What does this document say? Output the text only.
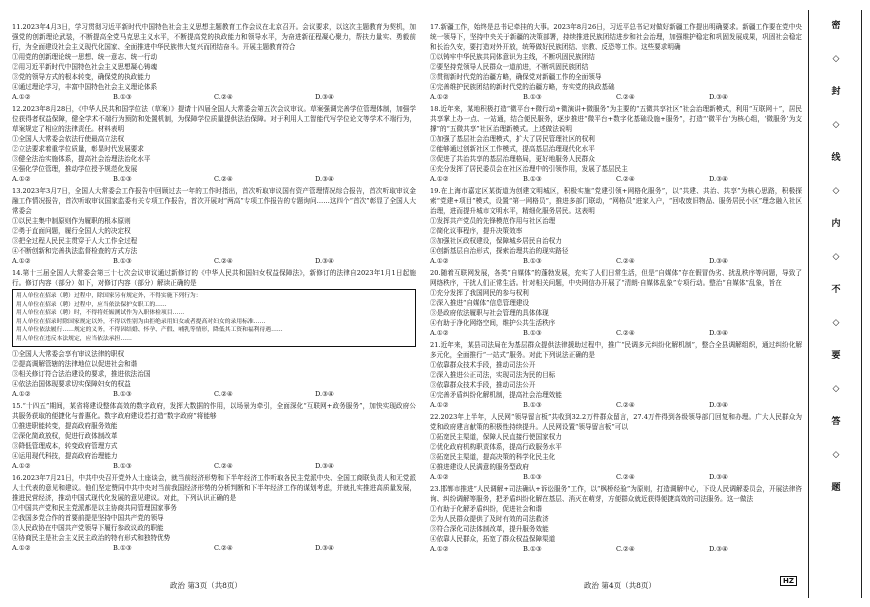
11.2023年4月3日，学习贯彻习近平新时代中国特色社会主义思想主题教育工作会议在北京召开。会议要求，以这次主题教育为契机，加强党的创新理论武装，不断提高全党马克思主义水平，不断提高党的执政能力和领导水平，为奋进新征程凝心聚力，帮扶力量实、勇毅前行，为全面建设社会主义现代化国家、全面推进中华民族伟大复兴而团结奋斗。开展主题教育符合

①用党的创新理论统一思想、统一意志、统一行动
②用习近平新时代中国特色社会主义思想凝心铸魂
③党的领导方式的根本转变，确保党的执政能力
④通过理论学习，丰富中国特色社会主义理论体系
A.①②	B.①③	C.②④	D.③④

12.2023年8月28日，《中华人民共和国学位法（草案）》提请十四届全国人大常委会第五次会议审议。草案强调完善学位管理体制，加强学位获得者权益保障，健全学术不端行为预防和处置机制，为保障学位质量提供法治保障。对于利用人工智能代写学位论文等学术不端行为，草案规定了相应的法律责任。材料表明

①全国人大常委会依法行使最高立法权
②立法要求着重学位质量，彰显时代发展要求
③健全法治实施体系，提高社会治理法治化水平
④强化学位管理，推动学位授予规范化发展
A.①②	B.①③	C.②④	D.③④

13.2023年3月7日，全国人大常委会工作报告中回顾过去一年的工作时指出，首次听取审议国有资产管理情况综合报告，首次听取审议金融工作情况报告，首次听取审议国家监委有关专项工作报告，首次开展对“两高”专项工作报告的专题询问……这四个“首次”彰显了全国人大常委会

①以民主集中制原则作为履职的根本原则
②勇于直面问题，履行全国人大的决定权
③把全过程人民民主贯穿于人大工作全过程
④不断创新和完善执法监督检查的方式方法
A.①②	B.①③	C.②④	D.③④

14.第十三届全国人大常委会第三十七次会议审议通过新修订的《中华人民共和国妇女权益保障法》，新修订的法律自2023年1月1日起施行。修订内容（部分）如下，对修订内容（部分）解读正确的是

用人单位在招录（聘）过程中，除国家另有规定外，不得实施下列行为：
用人单位在招录（聘）过程中，应当依法保护女职工的……
用人单位在招录（聘）时，不得将妊娠测试作为入职体检项目……
用人单位在招录时除国家规定以外，不得以性别为由拒绝录用妇女或者提高对妇女的录用标准……
用人单位依法履行……规定的义务，不得因结婚、怀孕、产假、哺乳等情形，降低其工资和福利待遇……
用人单位在违反本法规定，应当依法承担……
①全国人大常委会享有审议法律的职权
②提高调解管辖的法律地位以促进社会和谐
③相关修订符合法治建设的要求，推进依法治国
④依法治国体现要求切实保障妇女的权益
A.①②	B.①③	C.②④	D.③④

15.“十四五”期间，某省将建设整体高效的数字政府，发挥大数据的作用，以场景为牵引，全面深化“互联网+政务服务”，加快实现政府公共服务获取的便捷化与普惠化。数字政府建设若打造“数字政府”将能够

①推进职能转变，提高政府服务效能
②深化简政放权，促进行政体制改革
③降低管理成本，转变政府管理方式
④运用现代科技，提高政府治理能力
A.①②	B.①③	C.②④	D.③④

16.2023年7月21日，中共中央召开党外人士座谈会，就当前经济形势和下半年经济工作听取各民主党派中央、全国工商联负责人和无党派人士代表的意见和建议。他们坚定赞同中共中央对当前我国经济形势的分析判断和下半年经济工作的谋划考虑，并就扎实推进高质量发展，推进民营经济，推动中国式现代化发展的意见建议。对此，下列认识正确的是

①中国共产党和民主党派都是以主协商共同管理国家事务
②我国多党合作的首要前提是坚持中国共产党的领导
③人民政协在中国共产党领导下履行参政议政的职能
④协商民主是社会主义民主政治的特有形式和独特优势
A.①②	B.①③	C.②④	D.③④

17.新疆工作，始终是总书记牵挂的大事。2023年8月26日，习近平总书记对做好新疆工作提出明确要求。新疆工作要在党中央统一领导下，坚持中央关于新疆的决策部署，持续推进民族团结进步和社会治理，加强维护稳定和巩固发展成果，巩固社会稳定和长治久安，要打造对外开放，统筹做好民族团结、宗教、反恐等工作。这些要求明确

①以铸牢中华民族共同体意识为主线，不断巩固民族团结
②要坚持党领导人民群众一道前进，不断巩固民族团结
③贯彻新时代党的治疆方略，确保党对新疆工作的全面领导
④完善维护民族团结的新时代党的治疆方略，夯实党的执政基础
A.①②	B.①③	C.②④	D.③④

18.近年来，某地积极打造“微平台+微行动+微演讲+微服务”为主要的“五微共享社区”社会治理新模式，利用“互联网＋”，居民共享掌上办一点、一站通，结合便民服务，逐步推进“微平台+数字化基础设施+服务”，打造“‘微平台’为核心组，‘微服务’为支撑”的“五微共享”社区治理新模式。上述做法说明

①加强了基层社会治理模式，扩大了居民管理社区的权利
②能够通过创新社区工作模式，提高基层治理现代化水平
③促进了共治共享的基层治理格局，更好地服务人民群众
④充分发挥了居民委员会在社区治理中的引领作用，发展了基层民主
A.①②	B.①③	C.②④	D.③④

19.在上海市嘉定区某街道为创建文明城区，积极实施“党建引领+网格化服务”，以“共建、共治、共享”为核心思路，积极探索“党建+项目”模式，设置“第一网格员”，推进多部门联动，“网格员”进家入户，“回收废旧物品、服务居民小区”理念融入社区治理，进而提升城市文明水平，精细化服务居民。这表明

①发挥共产党员的先锋模范作用与社区治理
②简化议事程序，提升决策效率
③加强社区政权建设，保障城乡居民自治权力
④创新基层自治形式，探索治理共治的现实路径
A.①②	B.①③	C.②④	D.③④

20.随着互联网发展，各类“自媒体”的蓬勃发展，充实了人们日常生活，但是“自媒体”存在假冒伪劣、扰乱秩序等问题，导致了网络秩序，干扰人们正常生活。针对相关问题，中央网信办开展了“清朗·自媒体乱象”专项行动。整治“自媒体”乱象，旨在

①充分发挥了我国网民的参与权利
②深入推进“自媒体”信息管理建设
③是政府依法履职与社会管理的具体体现
④有助于净化网络空间，维护公共生活秩序
A.①②	B.①③	C.②④	D.③④

21.近年来，某县司法局在为基层群众提供法律援助过程中，推广“民调多元纠纷化解机制”，整合全县调解组织，通过纠纷化解多元化，全面推行“一站式”服务。对此下列说法正确的是

①依靠群众技术手段，推动司法公开
②深入推进公正司法，实现司法为民的目标
③依靠群众技术手段，推动司法公开
④完善矛盾纠纷化解机制，提高社会治理效能
A.①②	B.①③	C.②④	D.③④

22.2023年上半年，人民网“领导留言板”共收到32.2万件群众留言，27.4万件得到各级领导部门回复和办理。广大人民群众为党和政府建言献策的积极性持续提升。人民网设置“领导留言板”可以

①拓宽民主渠道，保障人民直接行使国家权力
②优化政府机构职责体系，提高行政服务水平
③拓宽民主渠道，提高决策的科学化民主化
④推进建设人民满意的服务型政府
A.①②	B.①③	C.②④	D.③④

23.邯郸市推进“人民调解+司法确认+诉讼服务”工作，以“枫桥经验”为原则，打造调解中心，下设人民调解委员会，开展法律咨询、纠纷调解等服务，把矛盾纠纷化解在基层、消灭在萌芽，方便群众就近获得便捷高效的司法服务。这一做法

①有助于化解矛盾纠纷，促进社会和谐
②为人民群众提供了及时有效的司法救济
③符合深化司法体制改革，提升服务效能
④依靠人民群众，拓宽了群众权益保障渠道
A.①②	B.①③	C.②④	D.③④
政治 第3页（共8页）	政治 第4页（共8页）	HZ
密
◇
封
◇
线
◇
内
◇
不
◇
要
◇
答
◇
题
